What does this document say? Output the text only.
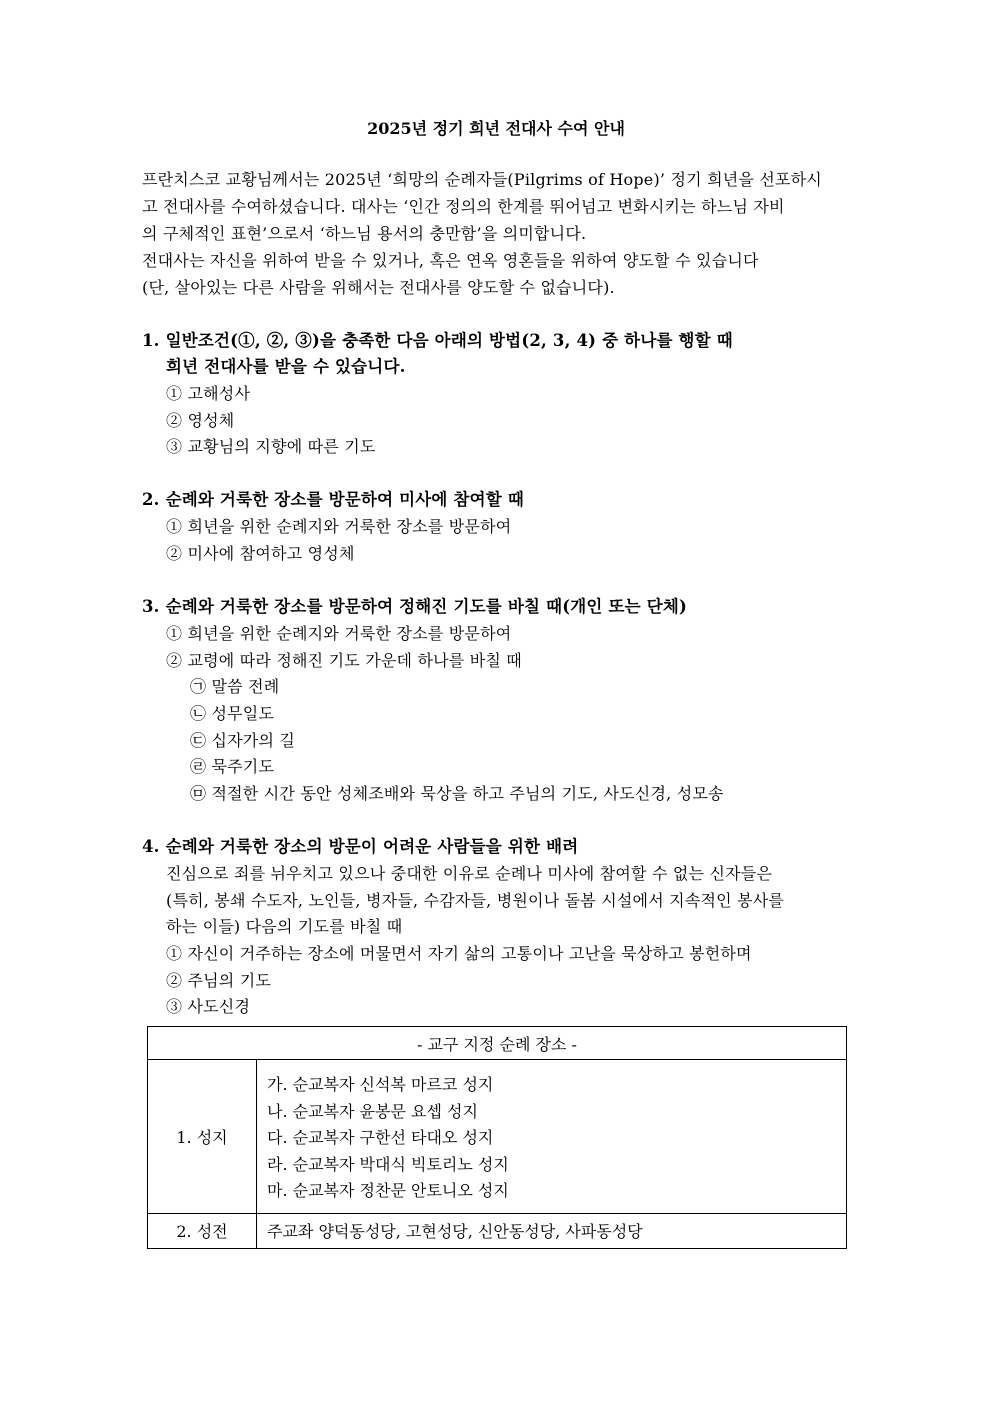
2025년 정기 희년 전대사 수여 안내
프란치스코 교황님께서는 2025년 ‘희망의 순례자들(Pilgrims of Hope)’ 정기 희년을 선포하시
고 전대사를 수여하셨습니다. 대사는 ‘인간 정의의 한계를 뛰어넘고 변화시키는 하느님 자비
의 구체적인 표현’으로서 ‘하느님 용서의 충만함’을 의미합니다.
전대사는 자신을 위하여 받을 수 있거나, 혹은 연옥 영혼들을 위하여 양도할 수 있습니다
(단, 살아있는 다른 사람을 위해서는 전대사를 양도할 수 없습니다).
1. 일반조건(①, ②, ③)을 충족한 다음 아래의 방법(2, 3, 4) 중 하나를 행할 때
희년 전대사를 받을 수 있습니다.
① 고해성사
② 영성체
③ 교황님의 지향에 따른 기도
2. 순례와 거룩한 장소를 방문하여 미사에 참여할 때
① 희년을 위한 순례지와 거룩한 장소를 방문하여
② 미사에 참여하고 영성체
3. 순례와 거룩한 장소를 방문하여 정해진 기도를 바칠 때(개인 또는 단체)
① 희년을 위한 순례지와 거룩한 장소를 방문하여
② 교령에 따라 정해진 기도 가운데 하나를 바칠 때
㉠ 말씀 전례
㉡ 성무일도
㉢ 십자가의 길
㉣ 묵주기도
㉤ 적절한 시간 동안 성체조배와 묵상을 하고 주님의 기도, 사도신경, 성모송
4. 순례와 거룩한 장소의 방문이 어려운 사람들을 위한 배려
진심으로 죄를 뉘우치고 있으나 중대한 이유로 순례나 미사에 참여할 수 없는 신자들은
(특히, 봉쇄 수도자, 노인들, 병자들, 수감자들, 병원이나 돌봄 시설에서 지속적인 봉사를
하는 이들) 다음의 기도를 바칠 때
① 자신이 거주하는 장소에 머물면서 자기 삶의 고통이나 고난을 묵상하고 봉헌하며
② 주님의 기도
③ 사도신경
- 교구 지정 순례 장소 -	
1. 성지	가. 순교복자 신석복 마르코 성지
나. 순교복자 윤봉문 요셉 성지
다. 순교복자 구한선 타대오 성지
라. 순교복자 박대식 빅토리노 성지
마. 순교복자 정찬문 안토니오 성지

2. 성전	주교좌 양덕동성당, 고현성당, 신안동성당, 사파동성당
